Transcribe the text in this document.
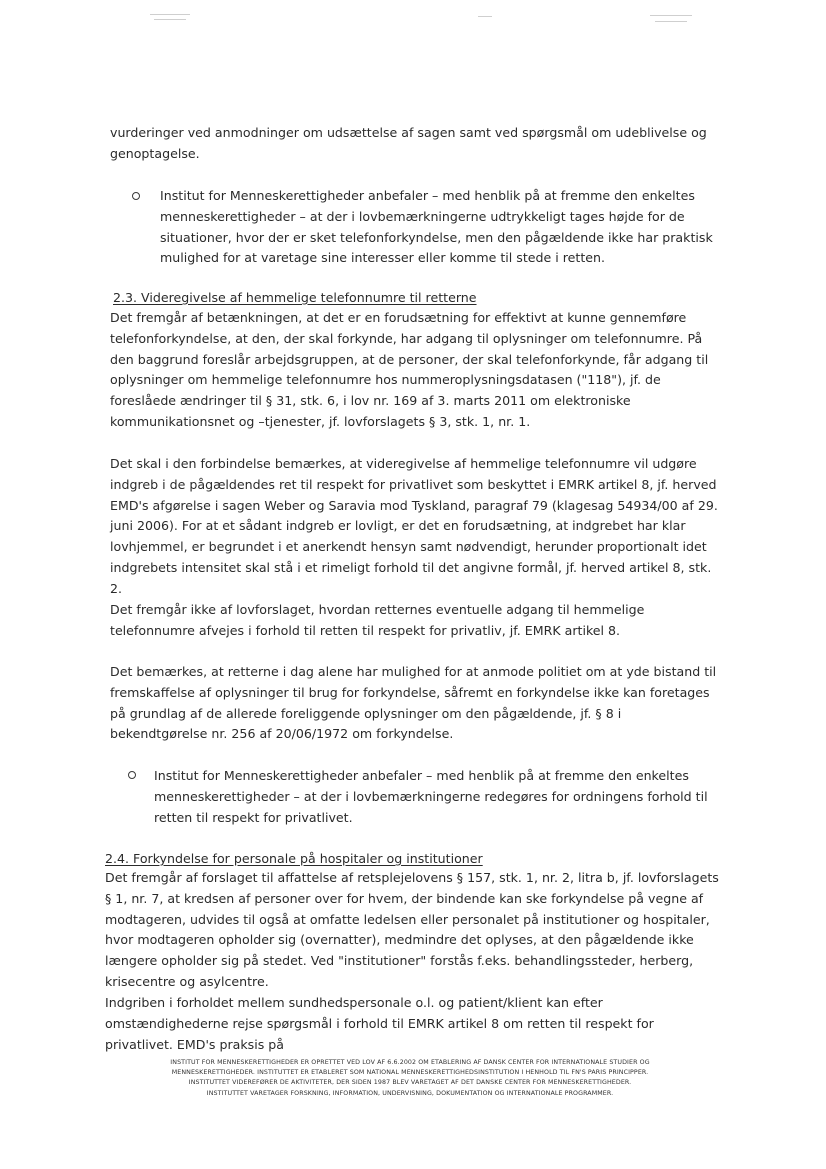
vurderinger ved anmodninger om udsættelse af sagen samt ved spørgsmål om udeblivelse og genoptagelse.
Institut for Menneskerettigheder anbefaler – med henblik på at fremme den enkeltes menneskerettigheder – at der i lovbemærkningerne udtrykkeligt tages højde for de situationer, hvor der er sket telefonforkyndelse, men den pågældende ikke har praktisk mulighed for at varetage sine interesser eller komme til stede i retten.
2.3. Videregivelse af hemmelige telefonnumre til retterne
Det fremgår af betænkningen, at det er en forudsætning for effektivt at kunne gennemføre telefonforkyndelse, at den, der skal forkynde, har adgang til oplysninger om telefonnumre. På den baggrund foreslår arbejdsgruppen, at de personer, der skal telefonforkynde, får adgang til oplysninger om hemmelige telefonnumre hos nummeroplysningsdatasen ("118"), jf. de foreslåede ændringer til § 31, stk. 6, i lov nr. 169 af 3. marts 2011 om elektroniske kommunikationsnet og –tjenester, jf. lovforslagets § 3, stk. 1, nr. 1.
Det skal i den forbindelse bemærkes, at videregivelse af hemmelige telefonnumre vil udgøre indgreb i de pågældendes ret til respekt for privatlivet som beskyttet i EMRK artikel 8, jf. herved EMD's afgørelse i sagen Weber og Saravia mod Tyskland, paragraf 79 (klagesag 54934/00 af 29. juni 2006). For at et sådant indgreb er lovligt, er det en forudsætning, at indgrebet har klar lovhjemmel, er begrundet i et anerkendt hensyn samt nødvendigt, herunder proportionalt idet indgrebets intensitet skal stå i et rimeligt forhold til det angivne formål, jf. herved artikel 8, stk. 2.
Det fremgår ikke af lovforslaget, hvordan retternes eventuelle adgang til hemmelige telefonnumre afvejes i forhold til retten til respekt for privatliv, jf. EMRK artikel 8.
Det bemærkes, at retterne i dag alene har mulighed for at anmode politiet om at yde bistand til fremskaffelse af oplysninger til brug for forkyndelse, såfremt en forkyndelse ikke kan foretages på grundlag af de allerede foreliggende oplysninger om den pågældende, jf. § 8 i bekendtgørelse nr. 256 af 20/06/1972 om forkyndelse.
Institut for Menneskerettigheder anbefaler – med henblik på at fremme den enkeltes menneskerettigheder – at der i lovbemærkningerne redegøres for ordningens forhold til retten til respekt for privatlivet.
2.4. Forkyndelse for personale på hospitaler og institutioner
Det fremgår af forslaget til affattelse af retsplejelovens § 157, stk. 1, nr. 2, litra b, jf. lovforslagets § 1, nr. 7, at kredsen af personer over for hvem, der bindende kan ske forkyndelse på vegne af modtageren, udvides til også at omfatte ledelsen eller personalet på institutioner og hospitaler, hvor modtageren opholder sig (overnatter), medmindre det oplyses, at den pågældende ikke længere opholder sig på stedet. Ved "institutioner" forstås f.eks. behandlingssteder, herberg, krisecentre og asylcentre.
Indgriben i forholdet mellem sundhedspersonale o.l. og patient/klient kan efter omstændighederne rejse spørgsmål i forhold til EMRK artikel 8 om retten til respekt for privatlivet. EMD's praksis på
INSTITUT FOR MENNESKERETTIGHEDER ER OPRETTET VED LOV AF 6.6.2002 OM ETABLERING AF DANSK CENTER FOR INTERNATIONALE STUDIER OG
MENNESKERETTIGHEDER. INSTITUTTET ER ETABLERET SOM NATIONAL MENNESKERETTIGHEDSINSTITUTION I HENHOLD TIL FN'S PARIS PRINCIPPER.
INSTITUTTET VIDEREFØRER DE AKTIVITETER, DER SIDEN 1987 BLEV VARETAGET AF DET DANSKE CENTER FOR MENNESKERETTIGHEDER.
INSTITUTTET VARETAGER FORSKNING, INFORMATION, UNDERVISNING, DOKUMENTATION OG INTERNATIONALE PROGRAMMER.
